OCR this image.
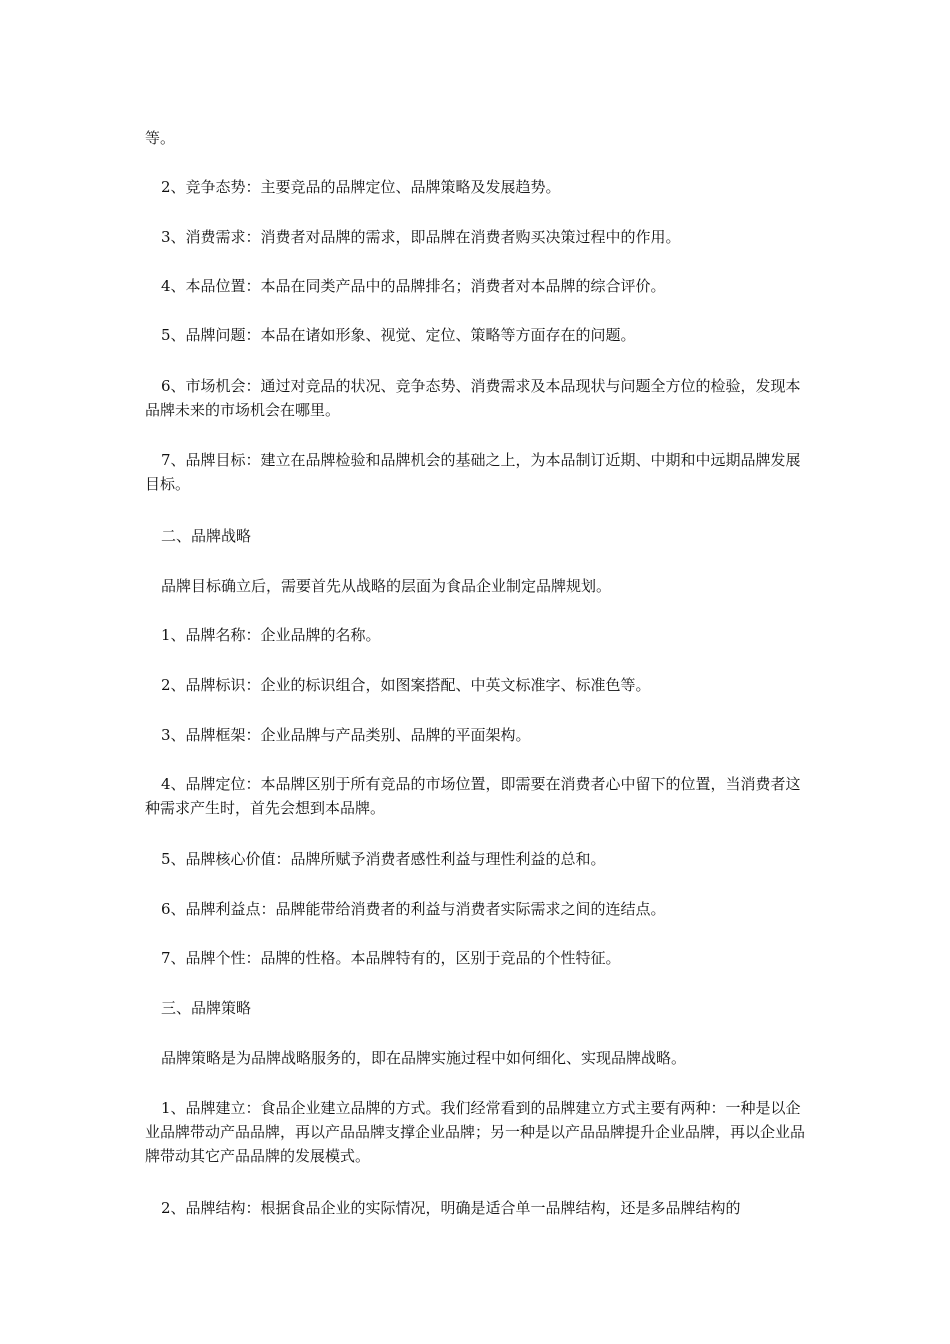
等。

2、竞争态势：主要竞品的品牌定位、品牌策略及发展趋势。

3、消费需求：消费者对品牌的需求，即品牌在消费者购买决策过程中的作用。

4、本品位置：本品在同类产品中的品牌排名；消费者对本品牌的综合评价。

5、品牌问题：本品在诸如形象、视觉、定位、策略等方面存在的问题。

6、市场机会：通过对竞品的状况、竞争态势、消费需求及本品现状与问题全方位的检验，发现本品牌未来的市场机会在哪里。

7、品牌目标：建立在品牌检验和品牌机会的基础之上，为本品制订近期、中期和中远期品牌发展目标。

二、品牌战略

品牌目标确立后，需要首先从战略的层面为食品企业制定品牌规划。

1、品牌名称：企业品牌的名称。

2、品牌标识：企业的标识组合，如图案搭配、中英文标准字、标准色等。

3、品牌框架：企业品牌与产品类别、品牌的平面架构。

4、品牌定位：本品牌区别于所有竞品的市场位置，即需要在消费者心中留下的位置，当消费者这种需求产生时，首先会想到本品牌。

5、品牌核心价值：品牌所赋予消费者感性利益与理性利益的总和。

6、品牌利益点：品牌能带给消费者的利益与消费者实际需求之间的连结点。

7、品牌个性：品牌的性格。本品牌特有的，区别于竞品的个性特征。

三、品牌策略

品牌策略是为品牌战略服务的，即在品牌实施过程中如何细化、实现品牌战略。

1、品牌建立：食品企业建立品牌的方式。我们经常看到的品牌建立方式主要有两种：一种是以企业品牌带动产品品牌，再以产品品牌支撑企业品牌；另一种是以产品品牌提升企业品牌，再以企业品牌带动其它产品品牌的发展模式。

2、品牌结构：根据食品企业的实际情况，明确是适合单一品牌结构，还是多品牌结构的
